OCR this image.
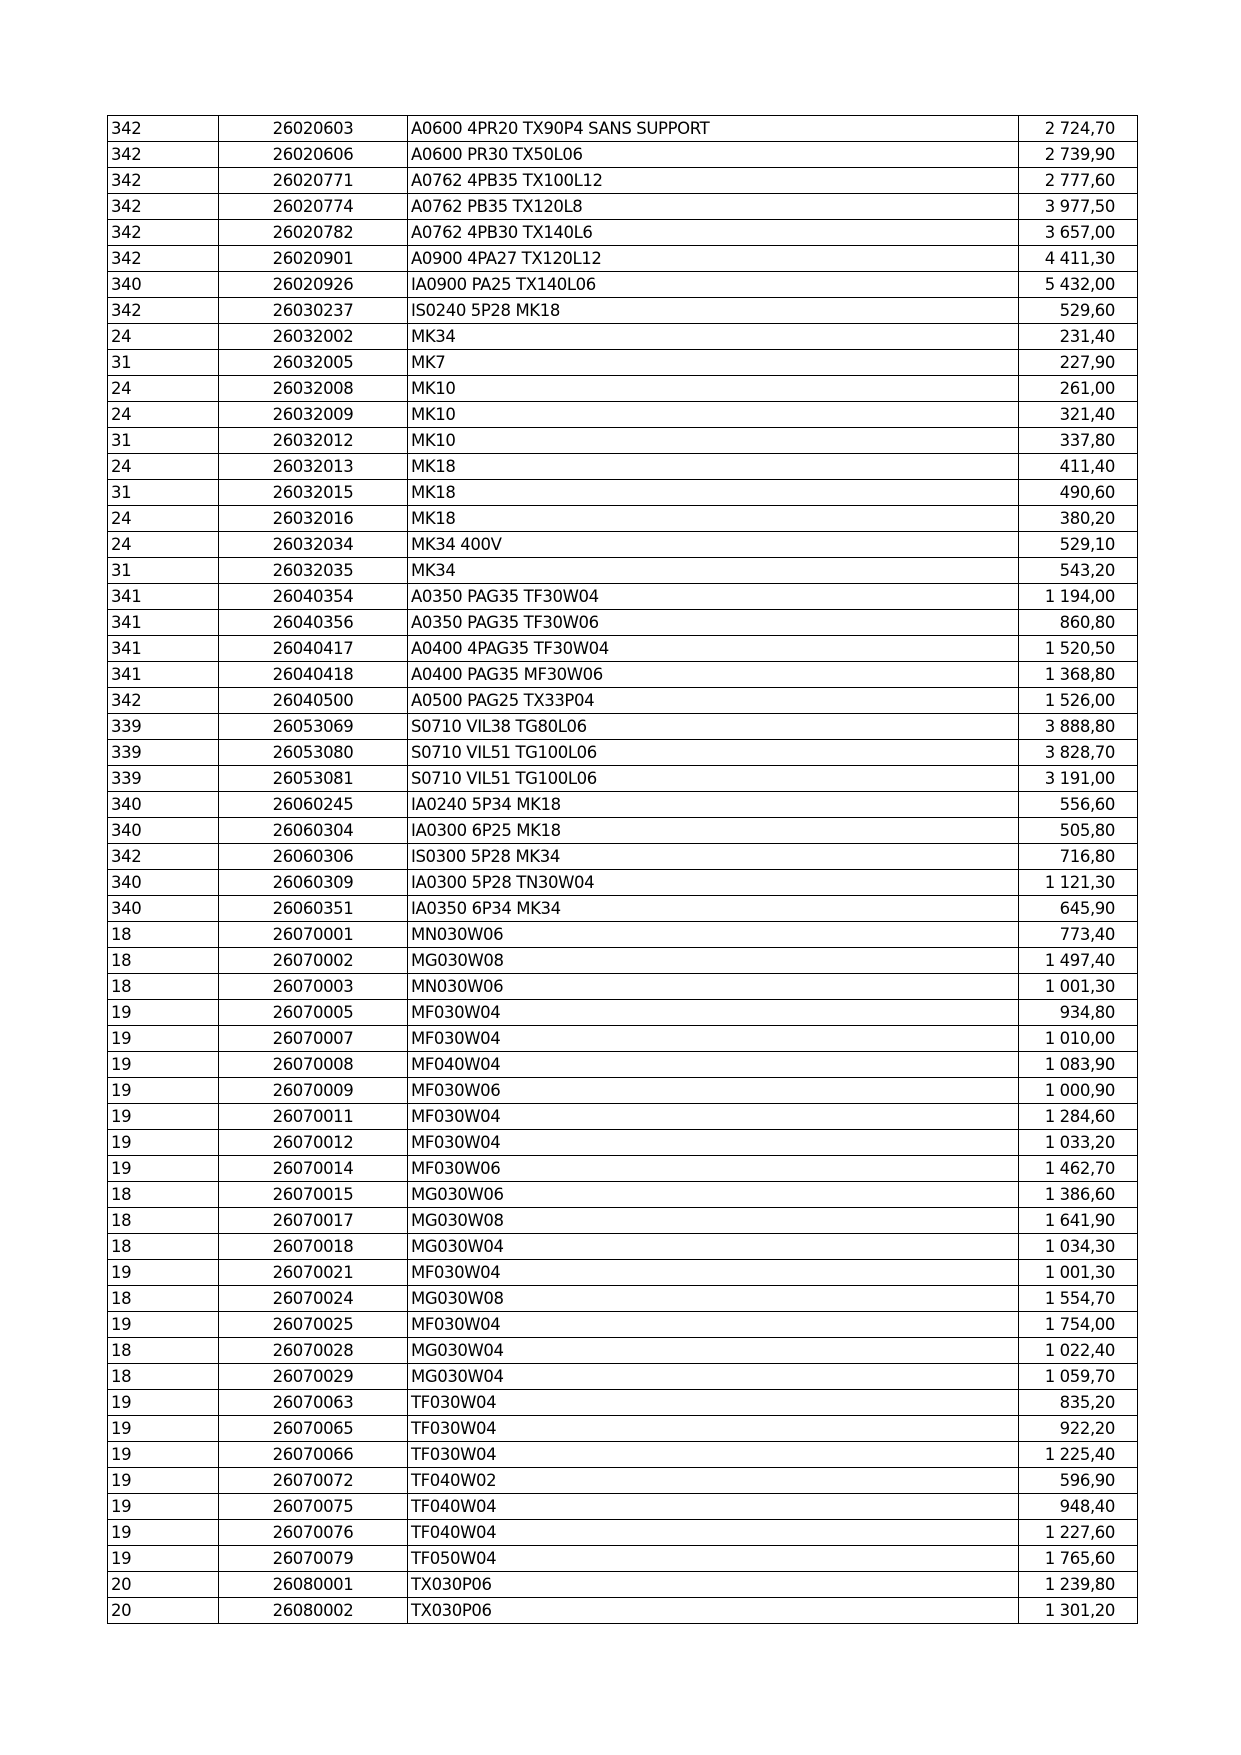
342	26020603	A0600 4PR20 TX90P4 SANS SUPPORT	2 724,70
342	26020606	A0600 PR30 TX50L06	2 739,90
342	26020771	A0762 4PB35 TX100L12	2 777,60
342	26020774	A0762 PB35 TX120L8	3 977,50
342	26020782	A0762 4PB30 TX140L6	3 657,00
342	26020901	A0900 4PA27 TX120L12	4 411,30
340	26020926	IA0900 PA25 TX140L06	5 432,00
342	26030237	IS0240 5P28 MK18	529,60
24	26032002	MK34	231,40
31	26032005	MK7	227,90
24	26032008	MK10	261,00
24	26032009	MK10	321,40
31	26032012	MK10	337,80
24	26032013	MK18	411,40
31	26032015	MK18	490,60
24	26032016	MK18	380,20
24	26032034	MK34 400V	529,10
31	26032035	MK34	543,20
341	26040354	A0350 PAG35 TF30W04	1 194,00
341	26040356	A0350 PAG35 TF30W06	860,80
341	26040417	A0400 4PAG35 TF30W04	1 520,50
341	26040418	A0400 PAG35 MF30W06	1 368,80
342	26040500	A0500 PAG25 TX33P04	1 526,00
339	26053069	S0710 VIL38 TG80L06	3 888,80
339	26053080	S0710 VIL51 TG100L06	3 828,70
339	26053081	S0710 VIL51 TG100L06	3 191,00
340	26060245	IA0240 5P34 MK18	556,60
340	26060304	IA0300 6P25 MK18	505,80
342	26060306	IS0300 5P28 MK34	716,80
340	26060309	IA0300 5P28 TN30W04	1 121,30
340	26060351	IA0350 6P34 MK34	645,90
18	26070001	MN030W06	773,40
18	26070002	MG030W08	1 497,40
18	26070003	MN030W06	1 001,30
19	26070005	MF030W04	934,80
19	26070007	MF030W04	1 010,00
19	26070008	MF040W04	1 083,90
19	26070009	MF030W06	1 000,90
19	26070011	MF030W04	1 284,60
19	26070012	MF030W04	1 033,20
19	26070014	MF030W06	1 462,70
18	26070015	MG030W06	1 386,60
18	26070017	MG030W08	1 641,90
18	26070018	MG030W04	1 034,30
19	26070021	MF030W04	1 001,30
18	26070024	MG030W08	1 554,70
19	26070025	MF030W04	1 754,00
18	26070028	MG030W04	1 022,40
18	26070029	MG030W04	1 059,70
19	26070063	TF030W04	835,20
19	26070065	TF030W04	922,20
19	26070066	TF030W04	1 225,40
19	26070072	TF040W02	596,90
19	26070075	TF040W04	948,40
19	26070076	TF040W04	1 227,60
19	26070079	TF050W04	1 765,60
20	26080001	TX030P06	1 239,80
20	26080002	TX030P06	1 301,20
